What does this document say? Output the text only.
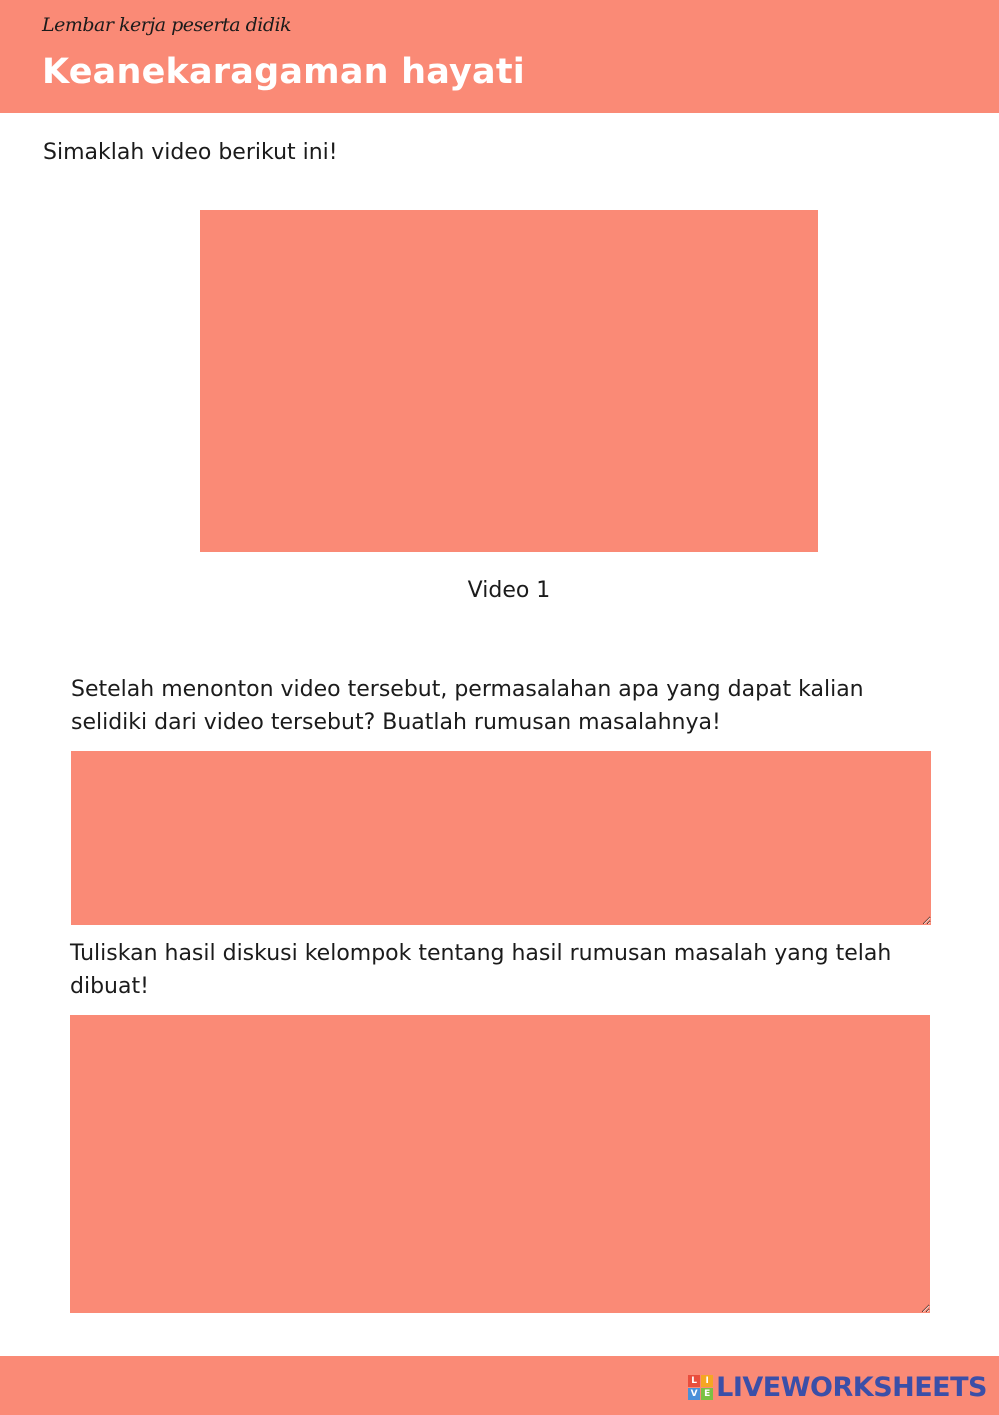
Lembar kerja peserta didik
Keanekaragaman hayati
Simaklah video berikut ini!
Video 1
Setelah menonton video tersebut, permasalahan apa yang dapat kalian selidiki dari video tersebut? Buatlah rumusan masalahnya!
Tuliskan hasil diskusi kelompok tentang hasil rumusan masalah yang telah dibuat!
L I
V E LIVEWORKSHEETS
